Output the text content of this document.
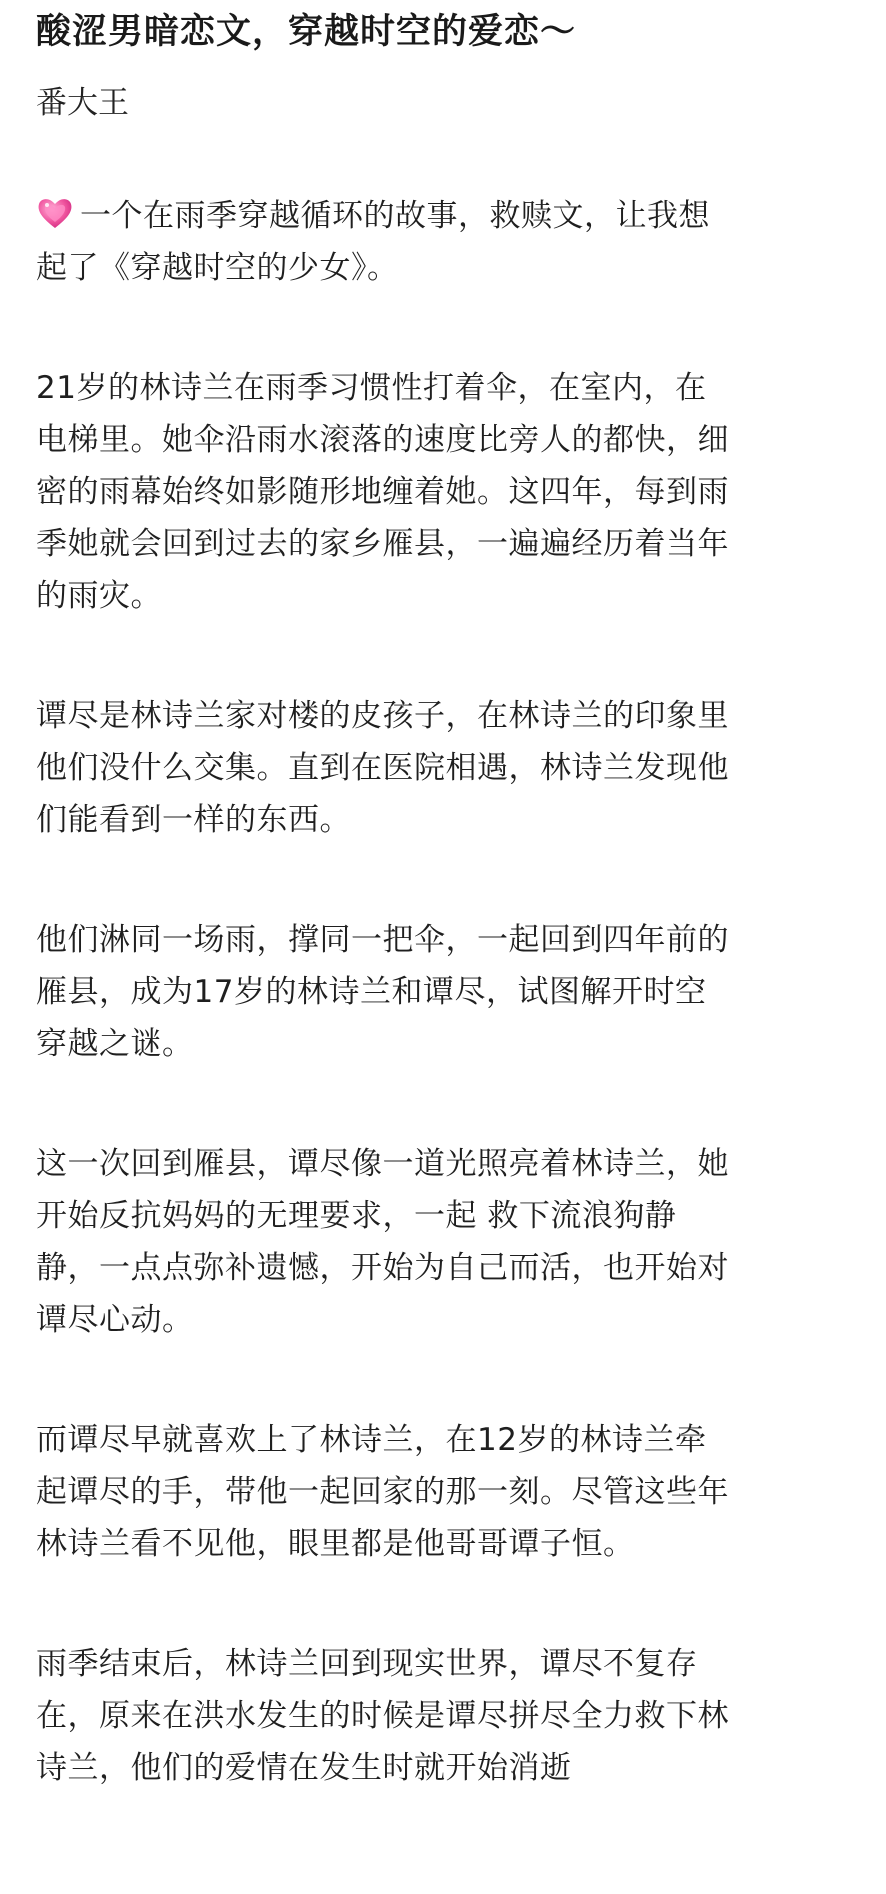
酸涩男暗恋文，穿越时空的爱恋～
番大王
一个在雨季穿越循环的故事，救赎文，让我想
起了《穿越时空的少女》。
21岁的林诗兰在雨季习惯性打着伞，在室内，在
电梯里。她伞沿雨水滚落的速度比旁人的都快，细
密的雨幕始终如影随形地缠着她。这四年，每到雨
季她就会回到过去的家乡雁县，一遍遍经历着当年
的雨灾。
谭尽是林诗兰家对楼的皮孩子，在林诗兰的印象里
他们没什么交集。直到在医院相遇，林诗兰发现他
们能看到一样的东西。
他们淋同一场雨，撑同一把伞，一起回到四年前的
雁县，成为17岁的林诗兰和谭尽，试图解开时空
穿越之谜。
这一次回到雁县，谭尽像一道光照亮着林诗兰，她
开始反抗妈妈的无理要求，一起 救下流浪狗静
静，一点点弥补遗憾，开始为自己而活，也开始对
谭尽心动。
而谭尽早就喜欢上了林诗兰，在12岁的林诗兰牵
起谭尽的手，带他一起回家的那一刻。尽管这些年
林诗兰看不见他，眼里都是他哥哥谭子恒。
雨季结束后，林诗兰回到现实世界，谭尽不复存
在，原来在洪水发生的时候是谭尽拼尽全力救下林
诗兰，他们的爱情在发生时就开始消逝
